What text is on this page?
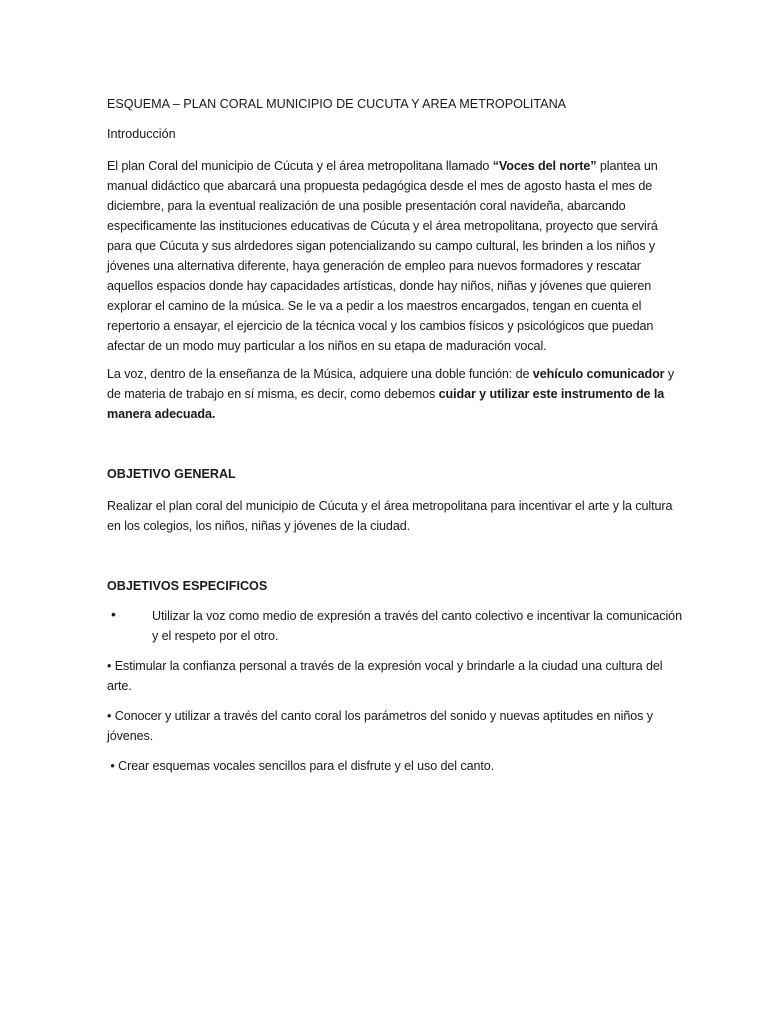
ESQUEMA – PLAN CORAL MUNICIPIO DE CUCUTA Y AREA METROPOLITANA

Introducción

El plan Coral del municipio de Cúcuta y el área metropolitana llamado “Voces del norte” plantea un manual didáctico que abarcará una propuesta pedagógica desde el mes de agosto hasta el mes de diciembre, para la eventual realización de una posible presentación coral navideña, abarcando especificamente las instituciones educativas de Cúcuta y el área metropolitana, proyecto que servirá para que Cúcuta y sus alrdedores sigan potencializando su campo cultural, les brinden a los niños y jóvenes una alternativa diferente, haya generación de empleo para nuevos formadores y rescatar aquellos espacios donde hay capacidades artísticas, donde hay niños, niñas y jóvenes que quieren explorar el camino de la música. Se le va a pedir a los maestros encargados, tengan en cuenta el repertorio a ensayar, el ejercicio de la técnica vocal y los cambios físicos y psicológicos que puedan afectar de un modo muy particular a los niños en su etapa de maduración vocal.

La voz, dentro de la enseñanza de la Música, adquiere una doble función: de vehículo comunicador y de materia de trabajo en sí misma, es decir, como debemos cuidar y utilizar este instrumento de la manera adecuada.

OBJETIVO GENERAL

Realizar el plan coral del municipio de Cúcuta y el área metropolitana para incentivar el arte y la cultura en los colegios, los niños, niñas y jóvenes de la ciudad.

OBJETIVOS ESPECIFICOS

•	Utilizar la voz como medio de expresión a través del canto colectivo e incentivar la comunicación y el respeto por el otro.

• Estimular la confianza personal a través de la expresión vocal y brindarle a la ciudad una cultura del arte.

• Conocer y utilizar a través del canto coral los parámetros del sonido y nuevas aptitudes en niños y jóvenes.

• Crear esquemas vocales sencillos para el disfrute y el uso del canto.
